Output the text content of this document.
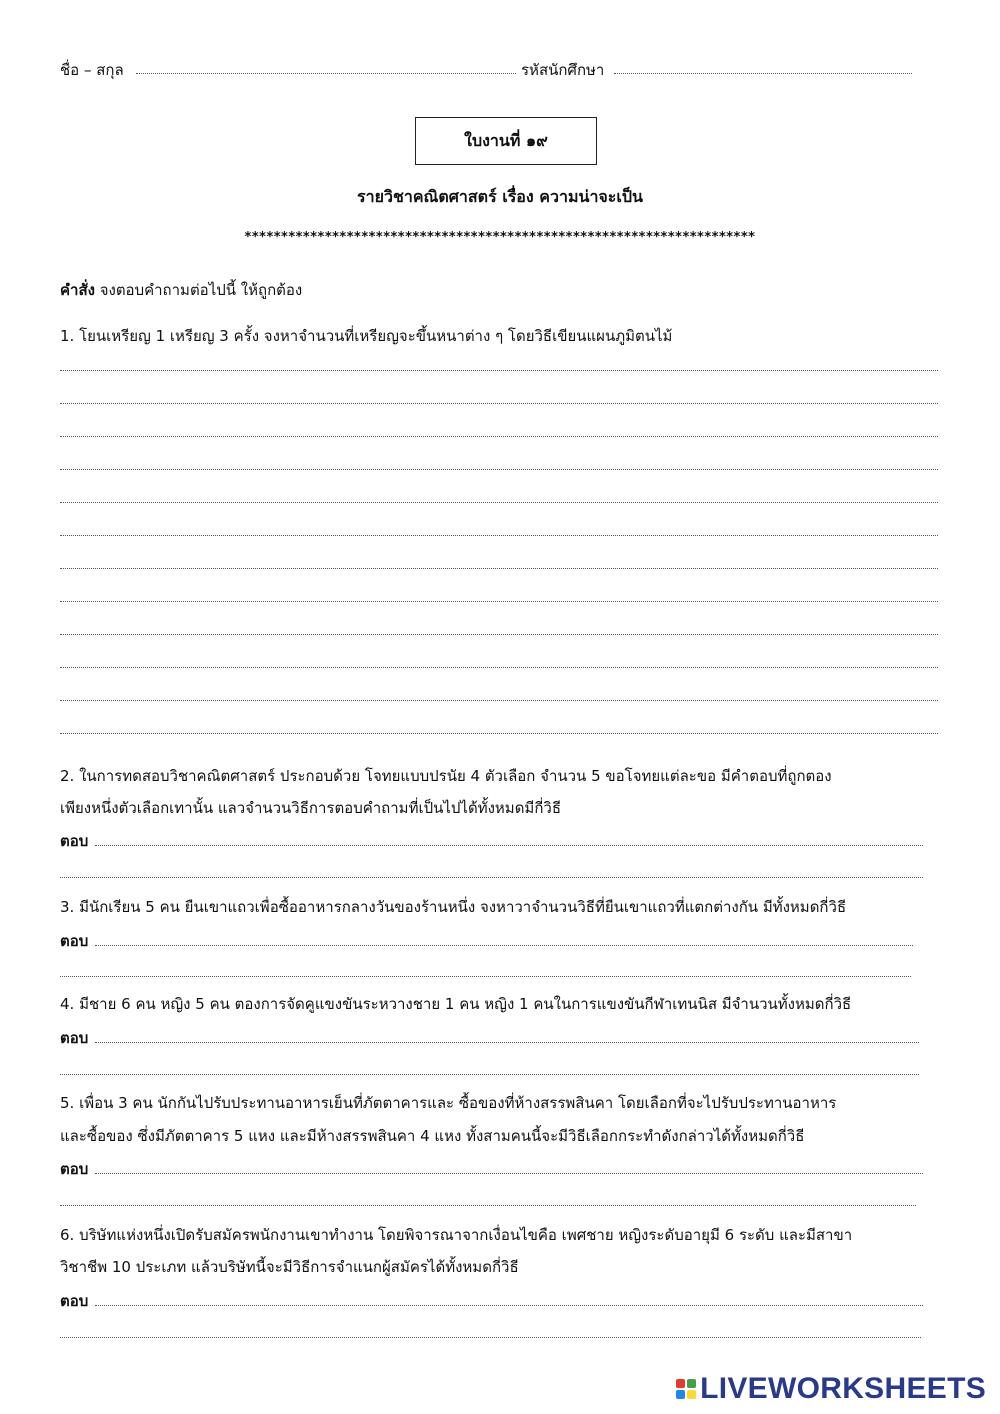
ชื่อ – สกุล	รหัสนักศึกษา
ใบงานที่ ๑๙
รายวิชาคณิตศาสตร์ เรื่อง ความน่าจะเป็น
**********************************************************************
คำสั่ง จงตอบคำถามต่อไปนี้ ให้ถูกต้อง
1. โยนเหรียญ 1 เหรียญ 3 ครั้ง จงหาจำนวนที่เหรียญจะขึ้นหนาต่าง ๆ โดยวิธีเขียนแผนภูมิตนไม้
2. ในการทดสอบวิชาคณิตศาสตร์ ประกอบด้วย โจทยแบบปรนัย 4 ตัวเลือก จำนวน 5 ขอโจทยแต่ละขอ มีคำตอบที่ถูกตอง
เพียงหนึ่งตัวเลือกเทานั้น แลวจำนวนวิธีการตอบคำถามที่เป็นไปได้ทั้งหมดมีกี่วิธี
ตอบ
3. มีนักเรียน 5 คน ยืนเขาแถวเพื่อซื้ออาหารกลางวันของร้านหนึ่ง จงหาวาจำนวนวิธีที่ยืนเขาแถวที่แตกต่างกัน มีทั้งหมดกี่วิธี
ตอบ
4. มีชาย 6 คน หญิง 5 คน ตองการจัดคูแขงขันระหวางชาย 1 คน หญิง 1 คนในการแขงขันกีฬาเทนนิส มีจำนวนทั้งหมดกี่วิธี
ตอบ
5. เพื่อน 3 คน นักกันไปรับประทานอาหารเย็นที่ภัตตาคารและ ซื้อของที่ห้างสรรพสินคา โดยเลือกที่จะไปรับประทานอาหาร
และซื้อของ ซึ่งมีภัตตาคาร 5 แหง และมีห้างสรรพสินคา 4 แหง ทั้งสามคนนี้จะมีวิธีเลือกกระทำดังกล่าวได้ทั้งหมดกี่วิธี
ตอบ
6. บริษัทแห่งหนึ่งเปิดรับสมัครพนักงานเขาทำงาน โดยพิจารณาจากเงื่อนไขคือ เพศชาย หญิงระดับอายุมี 6 ระดับ และมีสาขา
วิชาชีพ 10 ประเภท แล้วบริษัทนี้จะมีวิธีการจำแนกผู้สมัครได้ทั้งหมดกี่วิธี
ตอบ
LIVEWORKSHEETS
